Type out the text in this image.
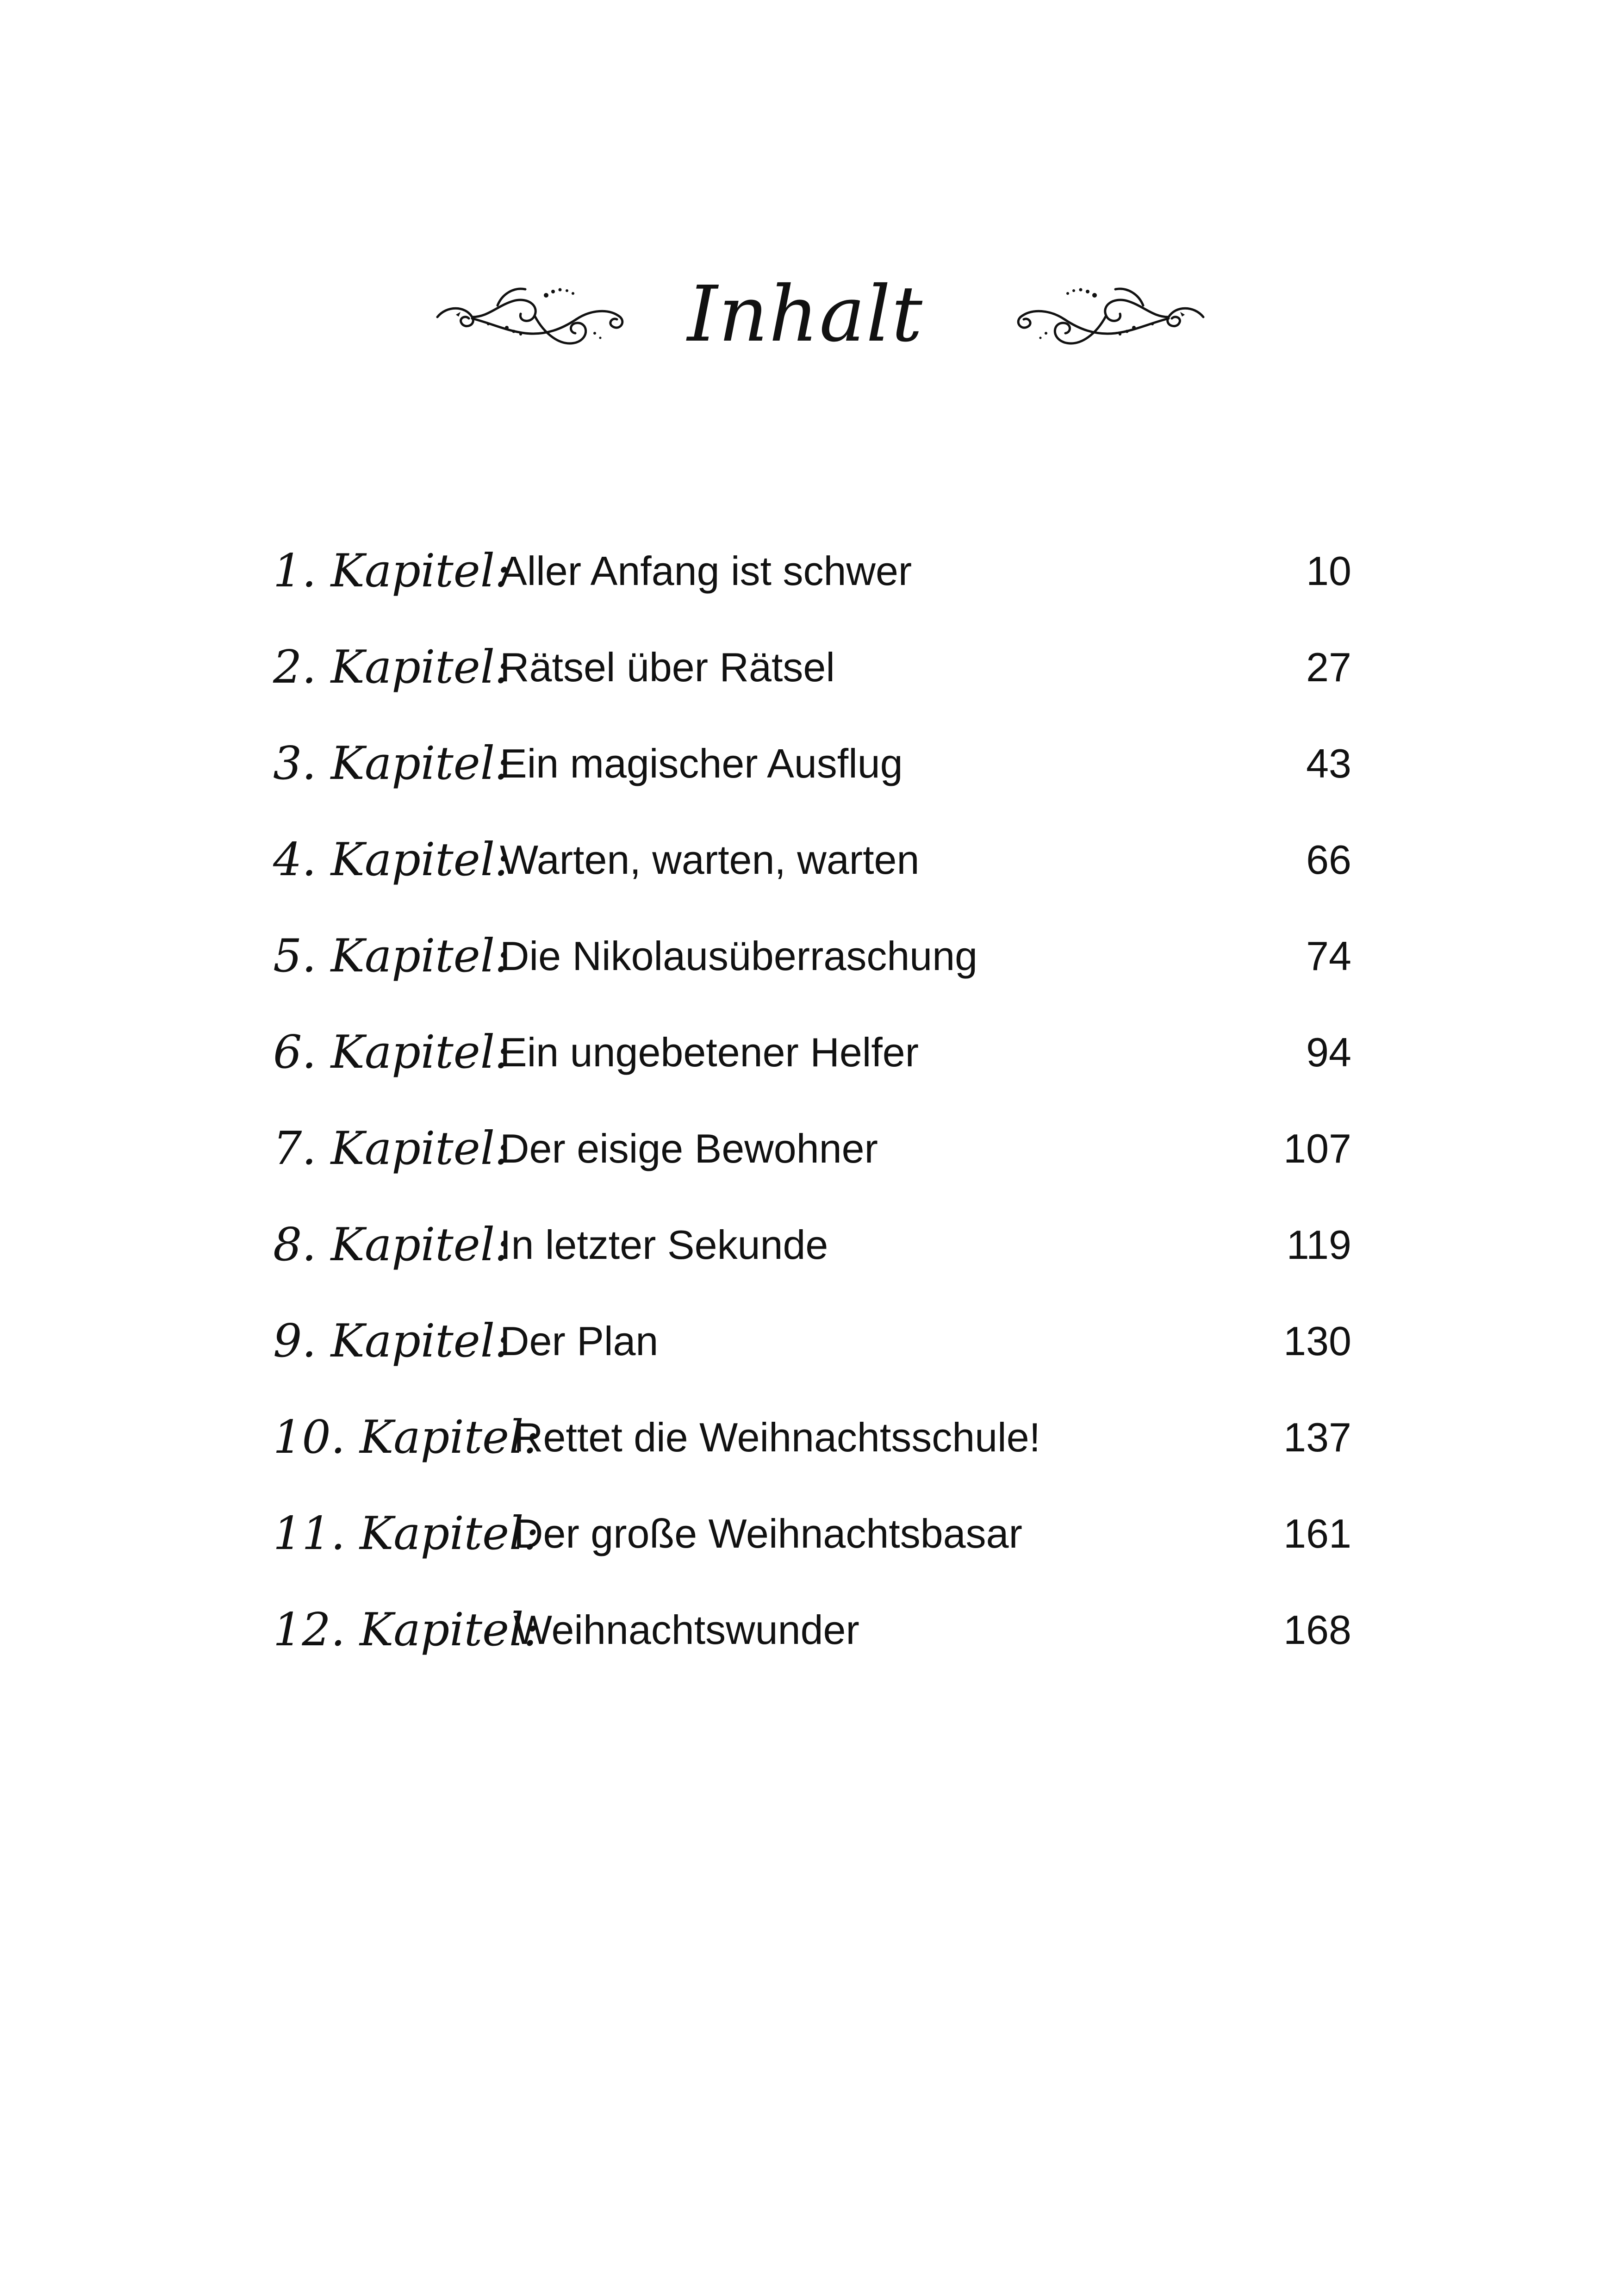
Inhalt
1. Kapitel:
Aller Anfang ist schwer	10
2. Kapitel:
Rätsel über Rätsel	27
3. Kapitel:
Ein magischer Ausflug	43
4. Kapitel:
Warten, warten, warten	66
5. Kapitel:
Die Nikolausüberraschung	74
6. Kapitel:
Ein ungebetener Helfer	94
7. Kapitel:
Der eisige Bewohner	107
8. Kapitel:
In letzter Sekunde	119
9. Kapitel:
Der Plan	130
10. Kapitel:
Rettet die Weihnachtsschule!	137
11. Kapitel:
Der große Weihnachtsbasar	161
12. Kapitel:
Weihnachtswunder	168
